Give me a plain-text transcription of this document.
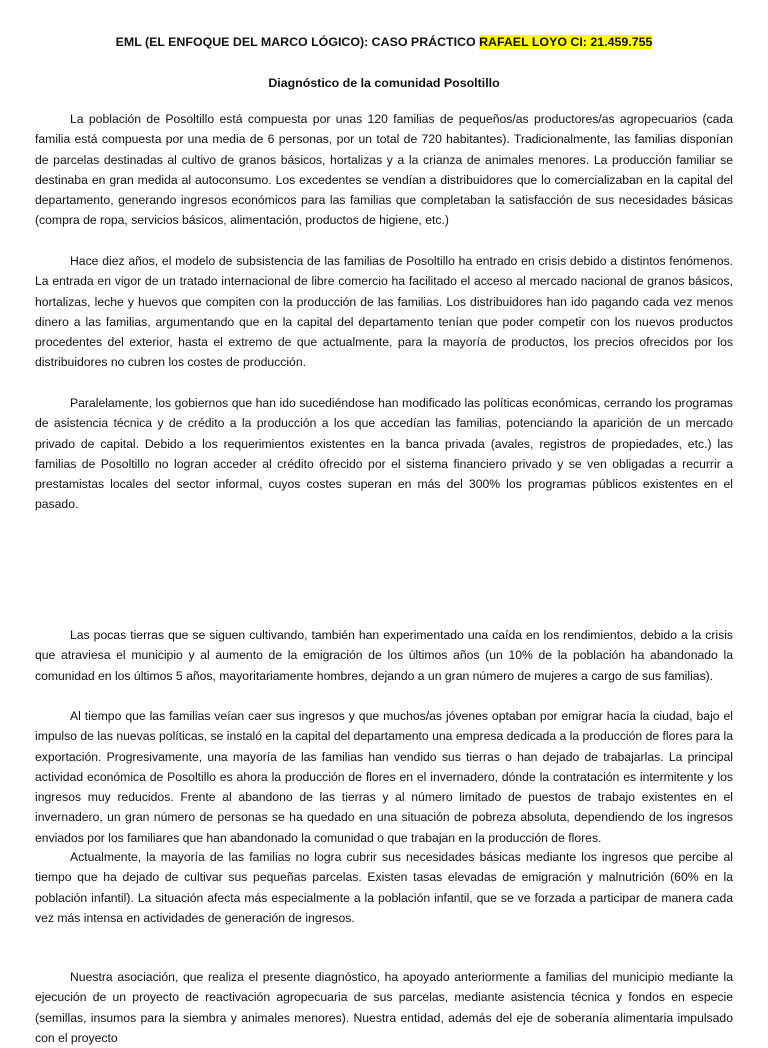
EML (EL ENFOQUE DEL MARCO LÓGICO): CASO PRÁCTICO RAFAEL LOYO CI: 21.459.755
Diagnóstico de la comunidad Posoltillo

La población de Posoltillo está compuesta por unas 120 familias de pequeños/as productores/as agropecuarios (cada familia está compuesta por una media de 6 personas, por un total de 720 habitantes). Tradicionalmente, las familias disponían de parcelas destinadas al cultivo de granos básicos, hortalizas y a la crianza de animales menores. La producción familiar se destinaba en gran medida al autoconsumo. Los excedentes se vendían a distribuidores que lo comercializaban en la capital del departamento, generando ingresos económicos para las familias que completaban la satisfacción de sus necesidades básicas (compra de ropa, servicios básicos, alimentación, productos de higiene, etc.)

Hace diez años, el modelo de subsistencia de las familias de Posoltillo ha entrado en crisis debido a distintos fenómenos. La entrada en vigor de un tratado internacional de libre comercio ha facilitado el acceso al mercado nacional de granos básicos, hortalizas, leche y huevos que compiten con la producción de las familias. Los distribuidores han ido pagando cada vez menos dinero a las familias, argumentando que en la capital del departamento tenían que poder competir con los nuevos productos procedentes del exterior, hasta el extremo de que actualmente, para la mayoría de productos, los precios ofrecidos por los distribuidores no cubren los costes de producción.

Paralelamente, los gobiernos que han ido sucediéndose han modificado las políticas económicas, cerrando los programas de asistencia técnica y de crédito a la producción a los que accedían las familias, potenciando la aparición de un mercado privado de capital. Debido a los requerimientos existentes en la banca privada (avales, registros de propiedades, etc.) las familias de Posoltillo no logran acceder al crédito ofrecido por el sistema financiero privado y se ven obligadas a recurrir a prestamistas locales del sector informal, cuyos costes superan en más del 300% los programas públicos existentes en el pasado.

Las pocas tierras que se siguen cultivando, también han experimentado una caída en los rendimientos, debido a la crisis que atraviesa el municipio y al aumento de la emigración de los últimos años (un 10% de la población ha abandonado la comunidad en los últimos 5 años, mayoritariamente hombres, dejando a un gran número de mujeres a cargo de sus familias).

Al tiempo que las familias veían caer sus ingresos y que muchos/as jóvenes optaban por emigrar hacia la ciudad, bajo el impulso de las nuevas políticas, se instaló en la capital del departamento una empresa dedicada a la producción de flores para la exportación. Progresivamente, una mayoría de las familias han vendido sus tierras o han dejado de trabajarlas. La principal actividad económica de Posoltillo es ahora la producción de flores en el invernadero, dónde la contratación es intermitente y los ingresos muy reducidos. Frente al abandono de las tierras y al número limitado de puestos de trabajo existentes en el invernadero, un gran número de personas se ha quedado en una situación de pobreza absoluta, dependiendo de los ingresos enviados por los familiares que han abandonado la comunidad o que trabajan en la producción de flores.

Actualmente, la mayoría de las familias no logra cubrir sus necesidades básicas mediante los ingresos que percibe al tiempo que ha dejado de cultivar sus pequeñas parcelas. Existen tasas elevadas de emigración y malnutrición (60% en la población infantil). La situación afecta más especialmente a la población infantil, que se ve forzada a participar de manera cada vez más intensa en actividades de generación de ingresos.

Nuestra asociación, que realiza el presente diagnóstico, ha apoyado anteriormente a familias del municipio mediante la ejecución de un proyecto de reactivación agropecuaria de sus parcelas, mediante asistencia técnica y fondos en especie (semillas, insumos para la siembra y animales menores). Nuestra entidad, además del eje de soberanía alimentaria impulsado con el proyecto
